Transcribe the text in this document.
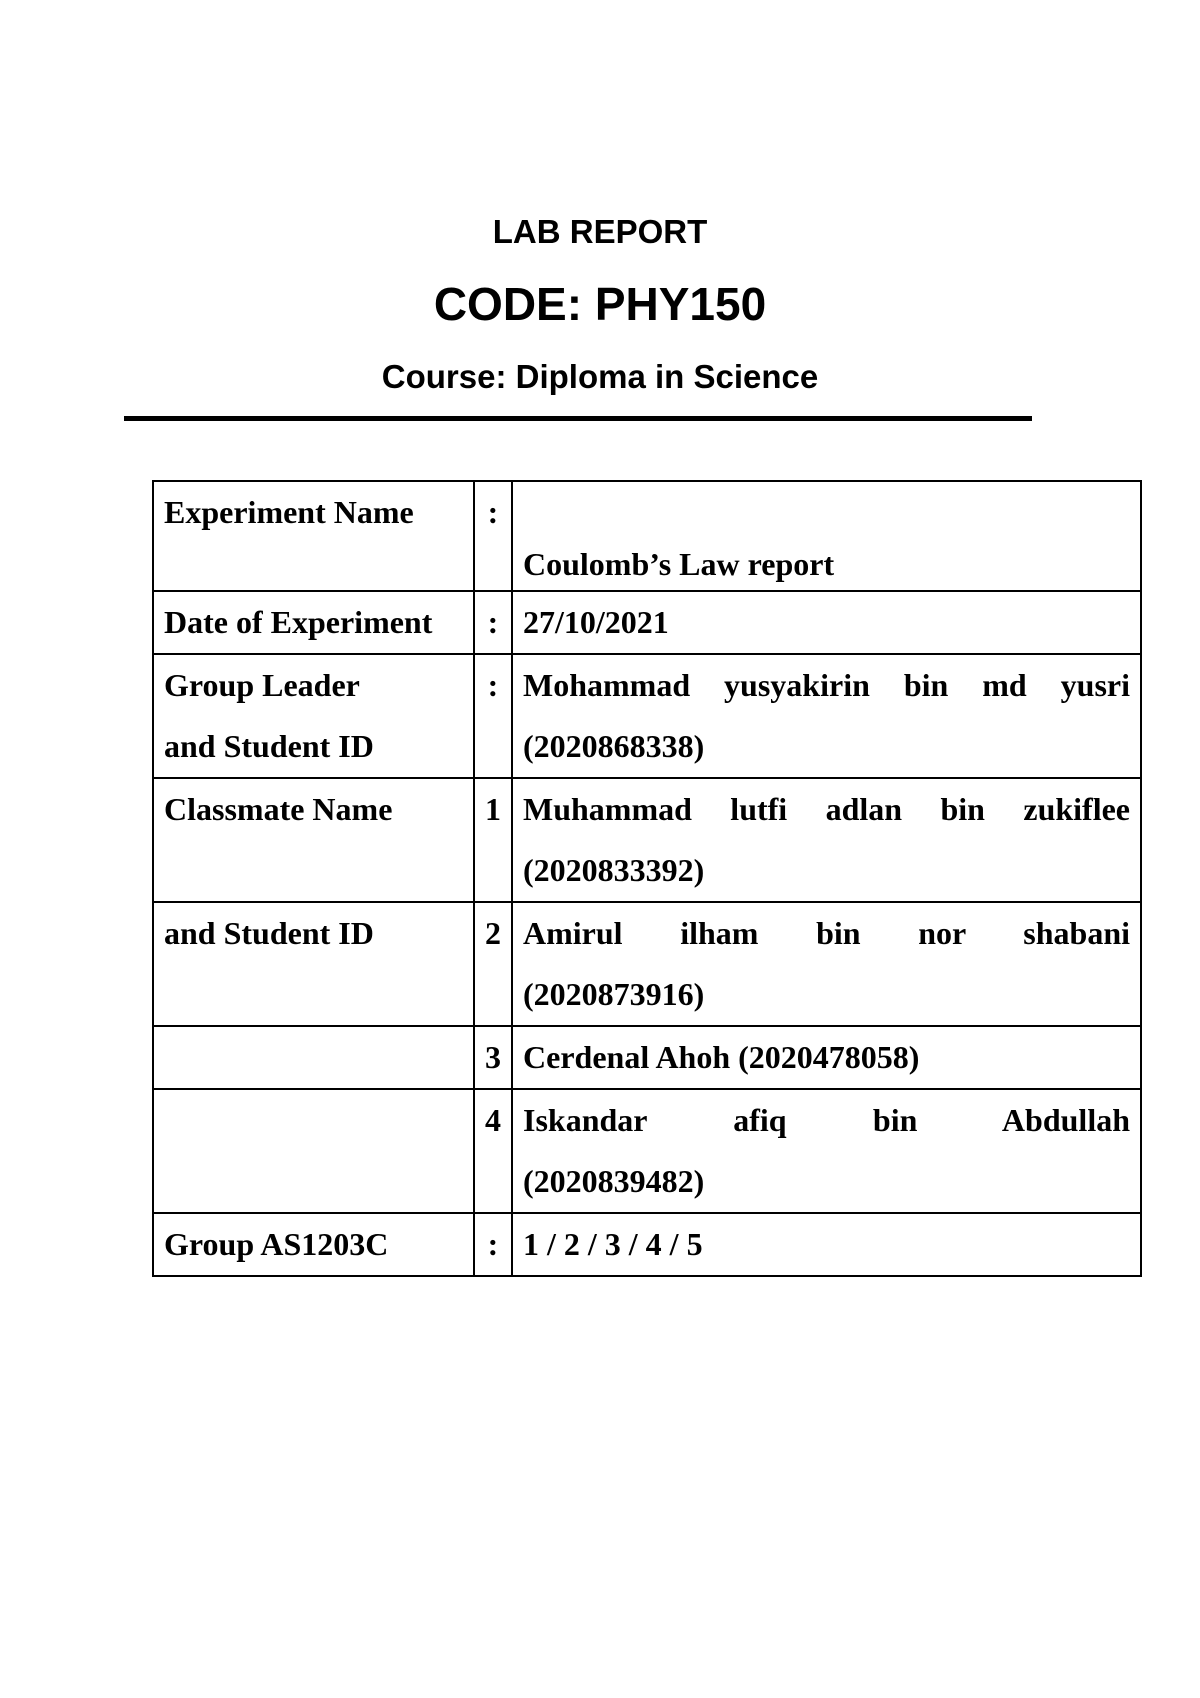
LAB REPORT
CODE: PHY150
Course: Diploma in Science
Experiment Name	:	Coulomb’s Law report

Date of Experiment	:	27/10/2021

Group Leader
and Student ID	:	Mohammad yusyakirin bin md yusri
(2020868338)

Classmate Name	1	Muhammad lutfi adlan bin zukiflee
(2020833392)

and Student ID	2	Amirul ilham bin nor shabani
(2020873916)

	3	Cerdenal Ahoh (2020478058)

	4	Iskandar afiq bin Abdullah
(2020839482)

Group AS1203C	:	1 / 2 / 3 / 4 / 5
